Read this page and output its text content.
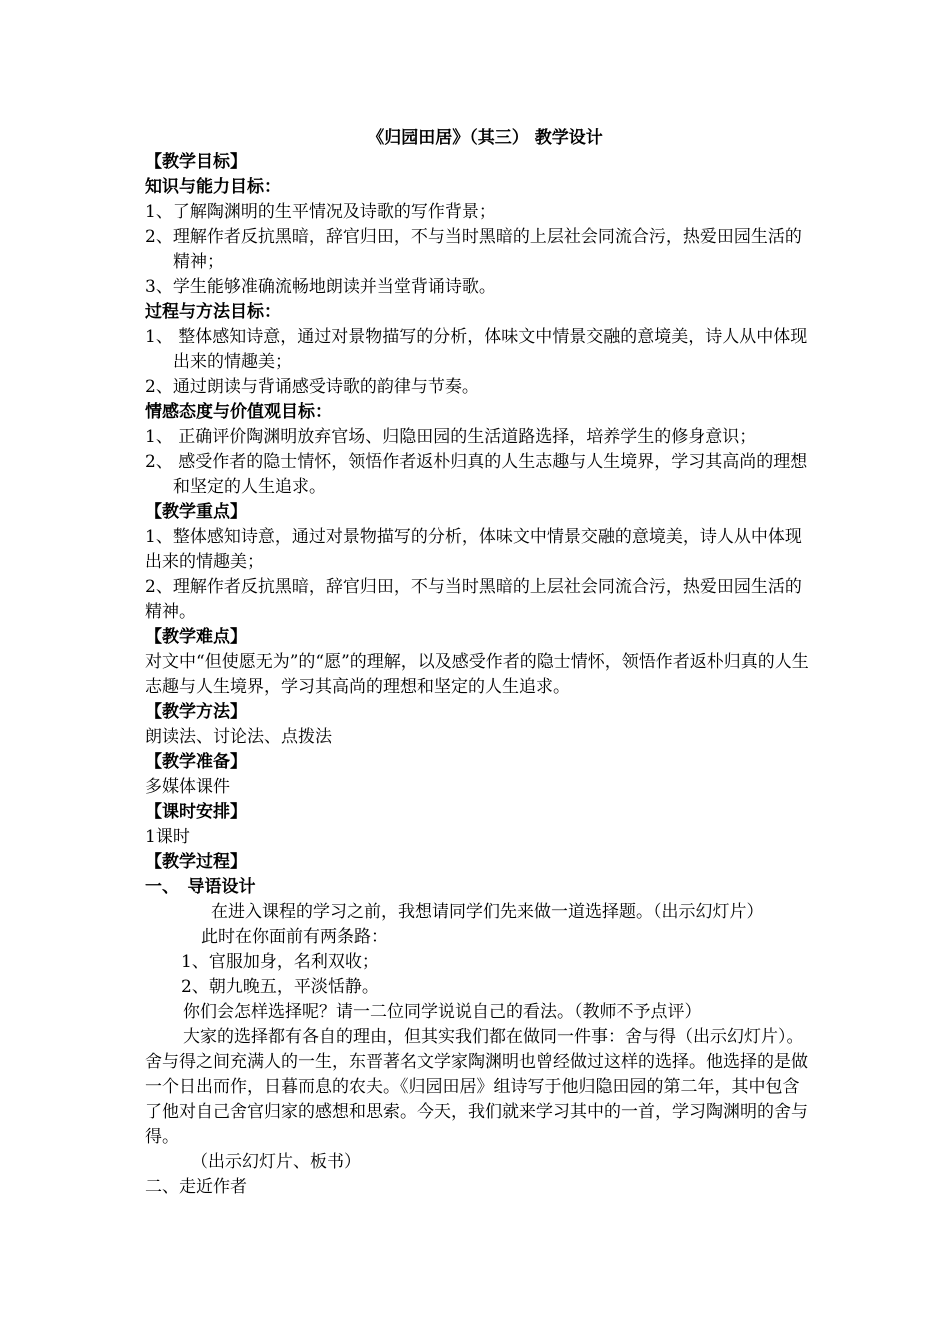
《归园田居》（其三） 教学设计
【教学目标】
知识与能力目标：
1、了解陶渊明的生平情况及诗歌的写作背景；
2、理解作者反抗黑暗，辞官归田，不与当时黑暗的上层社会同流合污，热爱田园生活的精神；
3、学生能够准确流畅地朗读并当堂背诵诗歌。
过程与方法目标：
1、 整体感知诗意，通过对景物描写的分析，体味文中情景交融的意境美，诗人从中体现出来的情趣美；
2、通过朗读与背诵感受诗歌的韵律与节奏。
情感态度与价值观目标：
1、 正确评价陶渊明放弃官场、归隐田园的生活道路选择，培养学生的修身意识；
2、 感受作者的隐士情怀，领悟作者返朴归真的人生志趣与人生境界，学习其高尚的理想和坚定的人生追求。
【教学重点】
1、整体感知诗意，通过对景物描写的分析，体味文中情景交融的意境美，诗人从中体现出来的情趣美；
2、理解作者反抗黑暗，辞官归田，不与当时黑暗的上层社会同流合污，热爱田园生活的精神。
【教学难点】
对文中“但使愿无为”的“愿”的理解，以及感受作者的隐士情怀，领悟作者返朴归真的人生志趣与人生境界，学习其高尚的理想和坚定的人生追求。
【教学方法】
朗读法、讨论法、点拨法
【教学准备】
多媒体课件
【课时安排】
1课时
【教学过程】
一、　导语设计
在进入课程的学习之前，我想请同学们先来做一道选择题。（出示幻灯片）
此时在你面前有两条路：
1、官服加身，名利双收；
2、朝九晚五，平淡恬静。
你们会怎样选择呢？请一二位同学说说自己的看法。（教师不予点评）
大家的选择都有各自的理由，但其实我们都在做同一件事：舍与得（出示幻灯片）。舍与得之间充满人的一生，东晋著名文学家陶渊明也曾经做过这样的选择。他选择的是做一个日出而作，日暮而息的农夫。《归园田居》组诗写于他归隐田园的第二年，其中包含了他对自己舍官归家的感想和思索。今天，我们就来学习其中的一首，学习陶渊明的舍与得。
（出示幻灯片、板书）
二、走近作者
